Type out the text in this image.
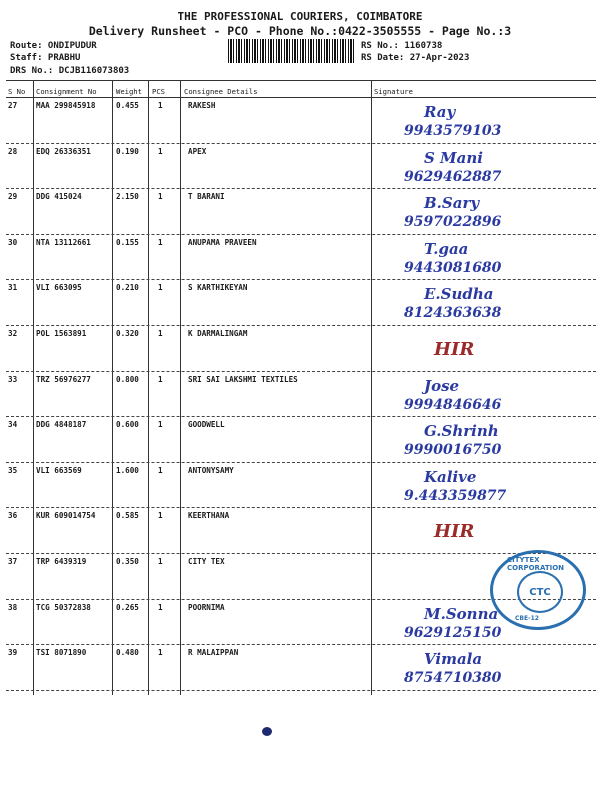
THE PROFESSIONAL COURIERS, COIMBATORE
Delivery Runsheet - PCO - Phone No.:0422-3505555 - Page No.:3
Route: ONDIPUDUR
Staff: PRABHU
DRS No.: DCJB116073803
RS No.: 1160738
RS Date: 27-Apr-2023
S No Consignment No	Weight PCS	Consignee Details	Signature
27 MAA 299845918	0.455	1	RAKESH	Ray
9943579103
28 EDQ 26336351	0.190	1	APEX	S Mani
9629462887
29 DDG 415024	2.150	1	T BARANI	B.Sary
9597022896
30 NTA 13112661	0.155	1	ANUPAMA PRAVEEN	T.gaa
9443081680
31 VLI 663095	0.210	1	S KARTHIKEYAN	E.Sudha
8124363638
32 POL 1563891	0.320	1	K DARMALINGAM
HIR
33 TRZ 56976277	0.800	1	SRI SAI LAKSHMI TEXTILES	Jose
9994846646
34 DDG 4848187	0.600	1	GOODWELL	G.Shrinh
9990016750
35 VLI 663569	1.600	1	ANTONYSAMY	Kalive
9.443359877
36 KUR 609014754	0.585	1	KEERTHANA
HIR
37 TRP 6439319	0.350	1	CITY TEX
38 TCG 50372838	0.265	1	POORNIMA	M.Sonna
9629125150
39 TSI 8071890	0.480	1	R MALAIPPAN	Vimala
8754710380
CITYTEX CORPORATION
CTC
CBE-12
